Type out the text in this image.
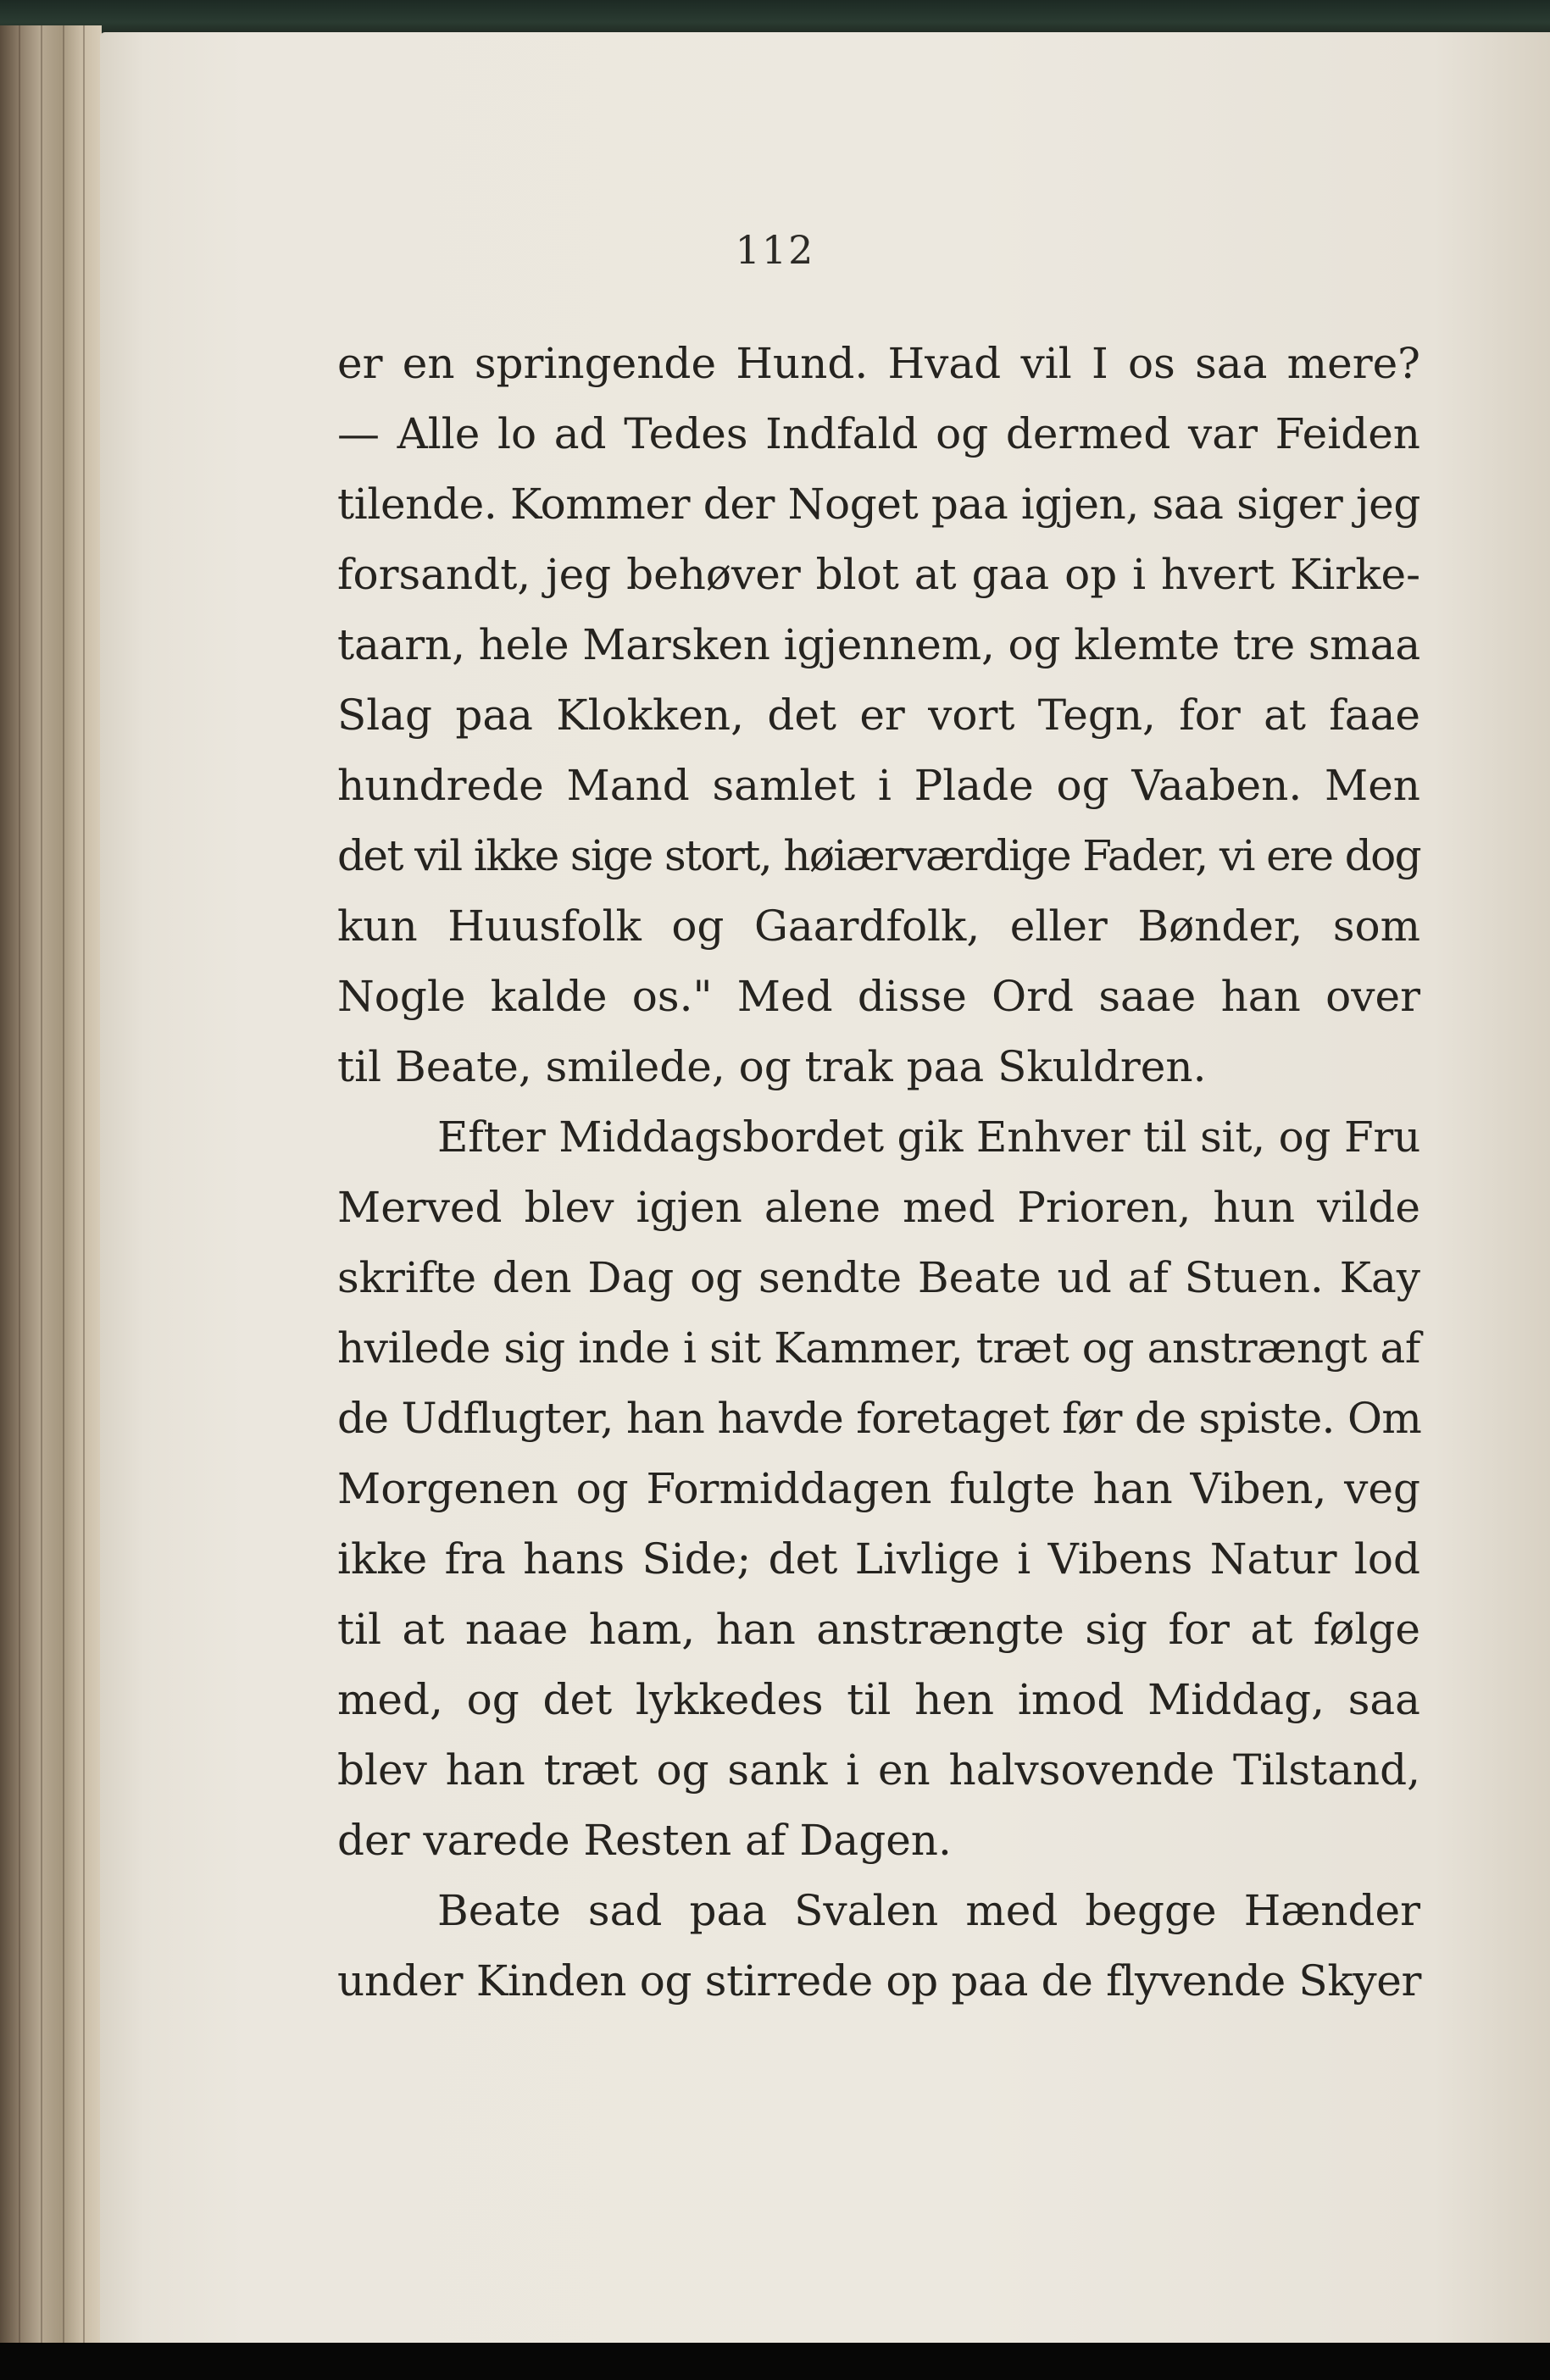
112
er en springende Hund. Hvad vil I os saa mere?
— Alle lo ad Tedes Indfald og dermed var Feiden
tilende. Kommer der Noget paa igjen, saa siger jeg
forsandt, jeg behøver blot at gaa op i hvert Kirke-
taarn, hele Marsken igjennem, og klemte tre smaa
Slag paa Klokken, det er vort Tegn, for at faae
hundrede Mand samlet i Plade og Vaaben. Men
det vil ikke sige stort, høiærværdige Fader, vi ere dog
kun Huusfolk og Gaardfolk, eller Bønder, som
Nogle kalde os." Med disse Ord saae han over
til Beate, smilede, og trak paa Skuldren.
Efter Middagsbordet gik Enhver til sit, og Fru
Merved blev igjen alene med Prioren, hun vilde
skrifte den Dag og sendte Beate ud af Stuen. Kay
hvilede sig inde i sit Kammer, træt og anstrængt af
de Udflugter, han havde foretaget før de spiste. Om
Morgenen og Formiddagen fulgte han Viben, veg
ikke fra hans Side; det Livlige i Vibens Natur lod
til at naae ham, han anstrængte sig for at følge
med, og det lykkedes til hen imod Middag, saa
blev han træt og sank i en halvsovende Tilstand,
der varede Resten af Dagen.
Beate sad paa Svalen med begge Hænder
under Kinden og stirrede op paa de flyvende Skyer
